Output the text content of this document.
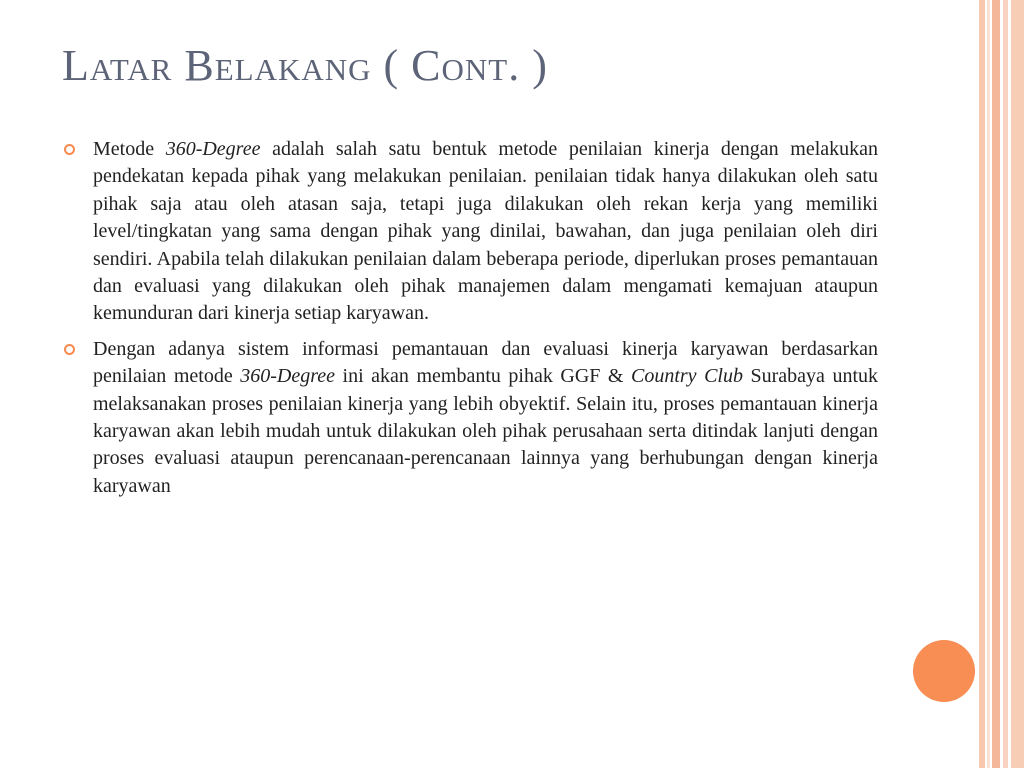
Latar Belakang ( Cont. )
Metode 360-Degree adalah salah satu bentuk metode penilaian kinerja dengan melakukan pendekatan kepada pihak yang melakukan penilaian. penilaian tidak hanya dilakukan oleh satu pihak saja atau oleh atasan saja, tetapi juga dilakukan oleh rekan kerja yang memiliki level/tingkatan yang sama dengan pihak yang dinilai, bawahan, dan juga penilaian oleh diri sendiri. Apabila telah dilakukan penilaian dalam beberapa periode, diperlukan proses pemantauan dan evaluasi yang dilakukan oleh pihak manajemen dalam mengamati kemajuan ataupun kemunduran dari kinerja setiap karyawan.
Dengan adanya sistem informasi pemantauan dan evaluasi kinerja karyawan berdasarkan penilaian metode 360-Degree ini akan membantu pihak GGF & Country Club Surabaya untuk melaksanakan proses penilaian kinerja yang lebih obyektif. Selain itu, proses pemantauan kinerja karyawan akan lebih mudah untuk dilakukan oleh pihak perusahaan serta ditindak lanjuti dengan proses evaluasi ataupun perencanaan-perencanaan lainnya yang berhubungan dengan kinerja karyawan
